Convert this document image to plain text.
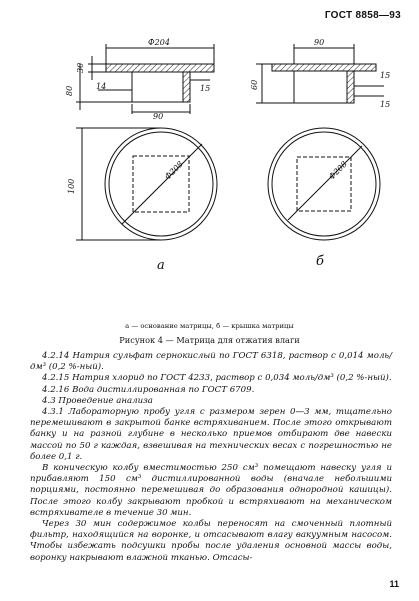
ГОСТ 8858—93
Ф204
30
80	14	15
90
100
Ф208
90
60
15
15
Ф208
а	б
а — основание матрицы, б — крышка матрицы
Рисунок 4 — Матрица для отжатия влаги

4.2.14 Натрия сульфат сернокислый по ГОСТ 6318, раствор с 0,014 моль/дм³ (0,2 %-ный).

4.2.15 Натрия хлорид по ГОСТ 4233, раствор с 0,034 моль/дм³ (0,2 %-ный).

4.2.16 Вода дистиллированная по ГОСТ 6709.

4.3 Проведение анализа

4.3.1 Лабораторную пробу угля с размером зерен 0—3 мм, тщательно перемешивают в закрытой банке встряхиванием. После этого открывают банку и на разной глубине в несколько приемов отбирают две навески массой по 50 г каждая, взвешивая на технических весах с погрешностью не более 0,1 г.

В коническую колбу вместимостью 250 см³ помещают навеску угля и прибавляют 150 см³ дистиллированной воды (вначале небольшими порциями, постоянно перемешивая до образования однородной кашицы). После этого колбу закрывают пробкой и встряхивают на механическом встряхивателе в течение 30 мин.

Через 30 мин содержимое колбы переносят на смоченный плотный фильтр, находящийся на воронке, и отсасывают влагу вакуумным насосом. Чтобы избежать подсушки пробы после удаления основной массы воды, воронку накрывают влажной тканью. Отсасы-

11
